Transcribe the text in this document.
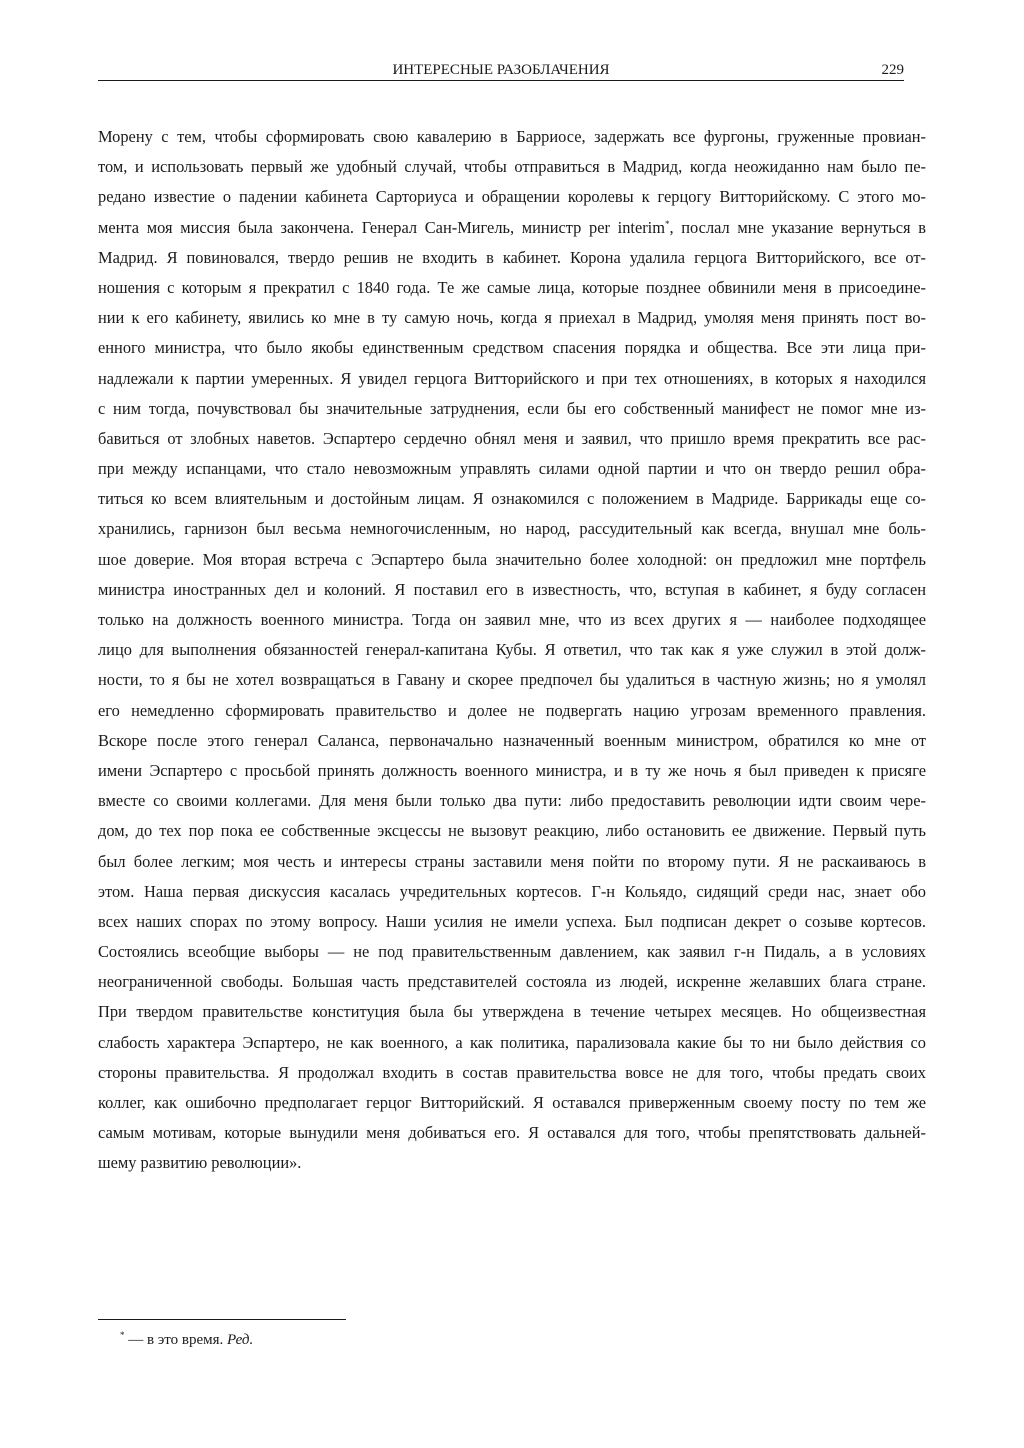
ИНТЕРЕСНЫЕ РАЗОБЛАЧЕНИЯ	229
Морену с тем, чтобы сформировать свою кавалерию в Барриосе, задержать все фургоны, груженные провиан-
том, и использовать первый же удобный случай, чтобы отправиться в Мадрид, когда неожиданно нам было пе-
редано известие о падении кабинета Сарториуса и обращении королевы к герцогу Витторийскому. С этого мо-
мента моя миссия была закончена. Генерал Сан-Мигель, министр per interim*, послал мне указание вернуться в
Мадрид. Я повиновался, твердо решив не входить в кабинет. Корона удалила герцога Витторийского, все от-
ношения с которым я прекратил с 1840 года. Те же самые лица, которые позднее обвинили меня в присоедине-
нии к его кабинету, явились ко мне в ту самую ночь, когда я приехал в Мадрид, умоляя меня принять пост во-
енного министра, что было якобы единственным средством спасения порядка и общества. Все эти лица при-
надлежали к партии умеренных. Я увидел герцога Витторийского и при тех отношениях, в которых я находился
с ним тогда, почувствовал бы значительные затруднения, если бы его собственный манифест не помог мне из-
бавиться от злобных наветов. Эспартеро сердечно обнял меня и заявил, что пришло время прекратить все рас-
при между испанцами, что стало невозможным управлять силами одной партии и что он твердо решил обра-
титься ко всем влиятельным и достойным лицам. Я ознакомился с положением в Мадриде. Баррикады еще со-
хранились, гарнизон был весьма немногочисленным, но народ, рассудительный как всегда, внушал мне боль-
шое доверие. Моя вторая встреча с Эспартеро была значительно более холодной: он предложил мне портфель
министра иностранных дел и колоний. Я поставил его в известность, что, вступая в кабинет, я буду согласен
только на должность военного министра. Тогда он заявил мне, что из всех других я — наиболее подходящее
лицо для выполнения обязанностей генерал-капитана Кубы. Я ответил, что так как я уже служил в этой долж-
ности, то я бы не хотел возвращаться в Гавану и скорее предпочел бы удалиться в частную жизнь; но я умолял
его немедленно сформировать правительство и долее не подвергать нацию угрозам временного правления.
Вскоре после этого генерал Саланса, первоначально назначенный военным министром, обратился ко мне от
имени Эспартеро с просьбой принять должность военного министра, и в ту же ночь я был приведен к присяге
вместе со своими коллегами. Для меня были только два пути: либо предоставить революции идти своим чере-
дом, до тех пор пока ее собственные эксцессы не вызовут реакцию, либо остановить ее движение. Первый путь
был более легким; моя честь и интересы страны заставили меня пойти по второму пути. Я не раскаиваюсь в
этом. Наша первая дискуссия касалась учредительных кортесов. Г-н Кольядо, сидящий среди нас, знает обо
всех наших спорах по этому вопросу. Наши усилия не имели успеха. Был подписан декрет о созыве кортесов.
Состоялись всеобщие выборы — не под правительственным давлением, как заявил г-н Пидаль, а в условиях
неограниченной свободы. Большая часть представителей состояла из людей, искренне желавших блага стране.
При твердом правительстве конституция была бы утверждена в течение четырех месяцев. Но общеизвестная
слабость характера Эспартеро, не как военного, а как политика, парализовала какие бы то ни было действия со
стороны правительства. Я продолжал входить в состав правительства вовсе не для того, чтобы предать своих
коллег, как ошибочно предполагает герцог Витторийский. Я оставался приверженным своему посту по тем же
самым мотивам, которые вынудили меня добиваться его. Я оставался для того, чтобы препятствовать дальней-
шему развитию революции».
* — в это время. Ред.
